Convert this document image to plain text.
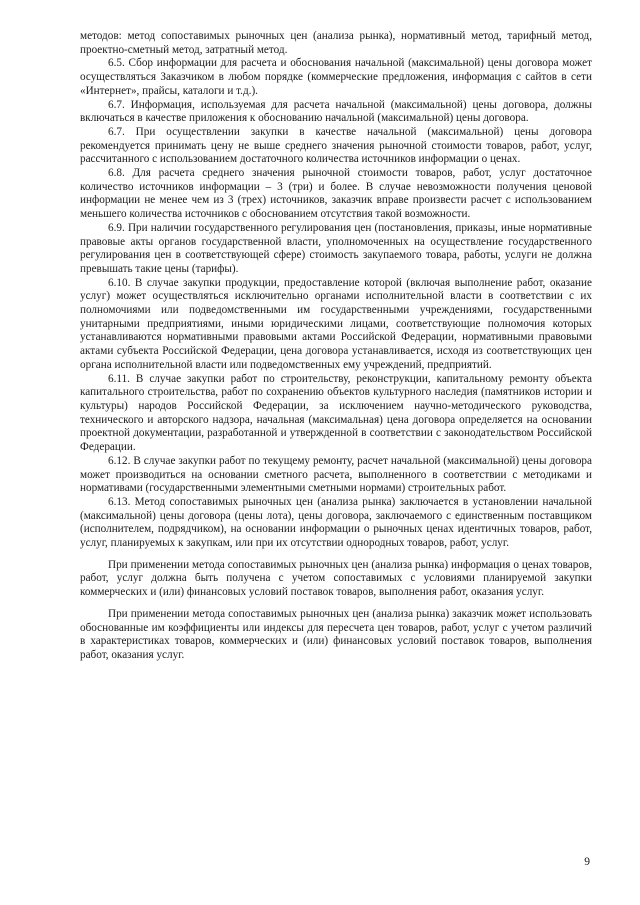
методов: метод сопоставимых рыночных цен (анализа рынка), нормативный метод, тарифный метод, проектно-сметный метод, затратный метод.

6.5. Сбор информации для расчета и обоснования начальной (максимальной) цены договора может осуществляться Заказчиком в любом порядке (коммерческие предложения, информация с сайтов в сети «Интернет», прайсы, каталоги и т.д.).

6.7. Информация, используемая для расчета начальной (максимальной) цены договора, должны включаться в качестве приложения к обоснованию начальной (максимальной) цены договора.

6.7. При осуществлении закупки в качестве начальной (максимальной) цены договора рекомендуется принимать цену не выше среднего значения рыночной стоимости товаров, работ, услуг, рассчитанного с использованием достаточного количества источников информации о ценах.

6.8. Для расчета среднего значения рыночной стоимости товаров, работ, услуг достаточное количество источников информации – 3 (три) и более. В случае невозможности получения ценовой информации не менее чем из 3 (трех) источников, заказчик вправе произвести расчет с использованием меньшего количества источников с обоснованием отсутствия такой возможности.

6.9. При наличии государственного регулирования цен (постановления, приказы, иные нормативные правовые акты органов государственной власти, уполномоченных на осуществление государственного регулирования цен в соответствующей сфере) стоимость закупаемого товара, работы, услуги не должна превышать такие цены (тарифы).

6.10. В случае закупки продукции, предоставление которой (включая выполнение работ, оказание услуг) может осуществляться исключительно органами исполнительной власти в соответствии с их полномочиями или подведомственными им государственными учреждениями, государственными унитарными предприятиями, иными юридическими лицами, соответствующие полномочия которых устанавливаются нормативными правовыми актами Российской Федерации, нормативными правовыми актами субъекта Российской Федерации, цена договора устанавливается, исходя из соответствующих цен органа исполнительной власти или подведомственных ему учреждений, предприятий.

6.11. В случае закупки работ по строительству, реконструкции, капитальному ремонту объекта капитального строительства, работ по сохранению объектов культурного наследия (памятников истории и культуры) народов Российской Федерации, за исключением научно-методического руководства, технического и авторского надзора, начальная (максимальная) цена договора определяется на основании проектной документации, разработанной и утвержденной в соответствии с законодательством Российской Федерации.

6.12. В случае закупки работ по текущему ремонту, расчет начальной (максимальной) цены договора может производиться на основании сметного расчета, выполненного в соответствии с методиками и нормативами (государственными элементными сметными нормами) строительных работ.

6.13. Метод сопоставимых рыночных цен (анализа рынка) заключается в установлении начальной (максимальной) цены договора (цены лота), цены договора, заключаемого с единственным поставщиком (исполнителем, подрядчиком), на основании информации о рыночных ценах идентичных товаров, работ, услуг, планируемых к закупкам, или при их отсутствии однородных товаров, работ, услуг.

При применении метода сопоставимых рыночных цен (анализа рынка) информация о ценах товаров, работ, услуг должна быть получена с учетом сопоставимых с условиями планируемой закупки коммерческих и (или) финансовых условий поставок товаров, выполнения работ, оказания услуг.

При применении метода сопоставимых рыночных цен (анализа рынка) заказчик может использовать обоснованные им коэффициенты или индексы для пересчета цен товаров, работ, услуг с учетом различий в характеристиках товаров, коммерческих и (или) финансовых условий поставок товаров, выполнения работ, оказания услуг.

9
